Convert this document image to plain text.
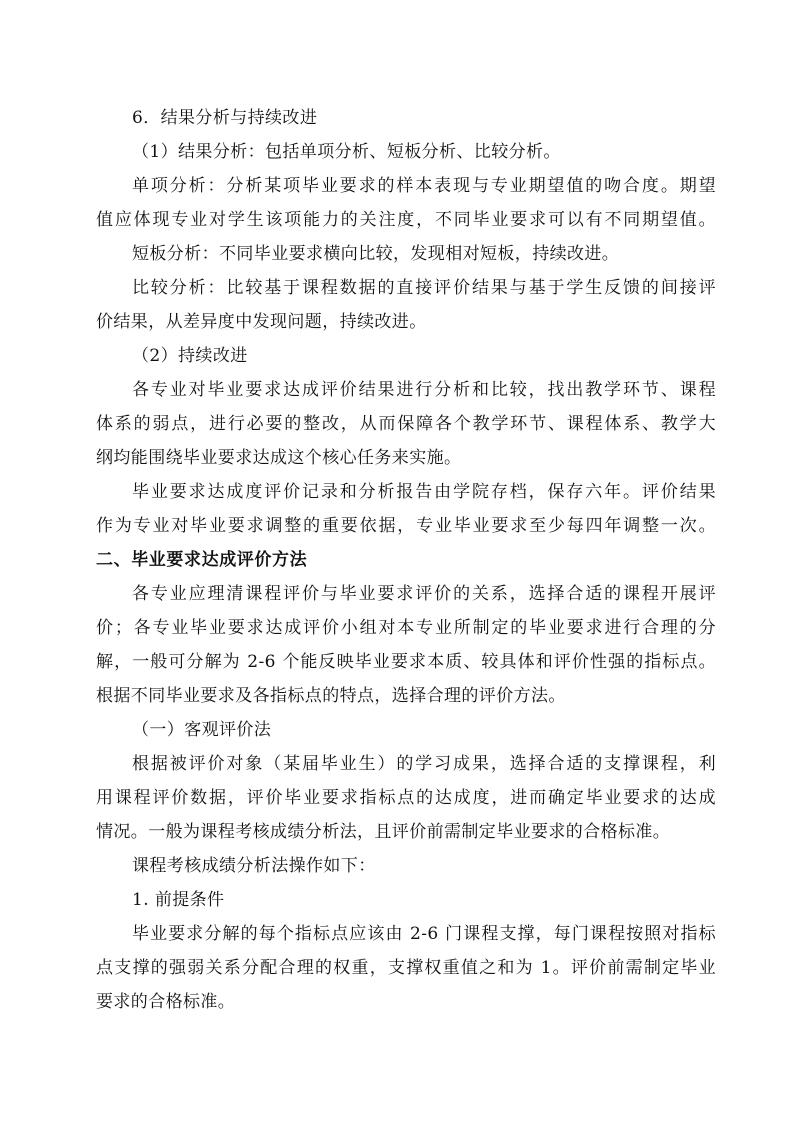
6．结果分析与持续改进
（1）结果分析：包括单项分析、短板分析、比较分析。
单项分析：分析某项毕业要求的样本表现与专业期望值的吻合度。期望
值应体现专业对学生该项能力的关注度，不同毕业要求可以有不同期望值。
短板分析：不同毕业要求横向比较，发现相对短板，持续改进。
比较分析：比较基于课程数据的直接评价结果与基于学生反馈的间接评
价结果，从差异度中发现问题，持续改进。
（2）持续改进
各专业对毕业要求达成评价结果进行分析和比较，找出教学环节、课程
体系的弱点，进行必要的整改，从而保障各个教学环节、课程体系、教学大
纲均能围绕毕业要求达成这个核心任务来实施。
毕业要求达成度评价记录和分析报告由学院存档，保存六年。评价结果
作为专业对毕业要求调整的重要依据，专业毕业要求至少每四年调整一次。
二、毕业要求达成评价方法
各专业应理清课程评价与毕业要求评价的关系，选择合适的课程开展评
价；各专业毕业要求达成评价小组对本专业所制定的毕业要求进行合理的分
解，一般可分解为 2-6 个能反映毕业要求本质、较具体和评价性强的指标点。
根据不同毕业要求及各指标点的特点，选择合理的评价方法。
（一）客观评价法
根据被评价对象（某届毕业生）的学习成果，选择合适的支撑课程，利
用课程评价数据，评价毕业要求指标点的达成度，进而确定毕业要求的达成
情况。一般为课程考核成绩分析法，且评价前需制定毕业要求的合格标准。
课程考核成绩分析法操作如下：
1. 前提条件
毕业要求分解的每个指标点应该由 2-6 门课程支撑，每门课程按照对指标
点支撑的强弱关系分配合理的权重，支撑权重值之和为 1。评价前需制定毕业
要求的合格标准。
